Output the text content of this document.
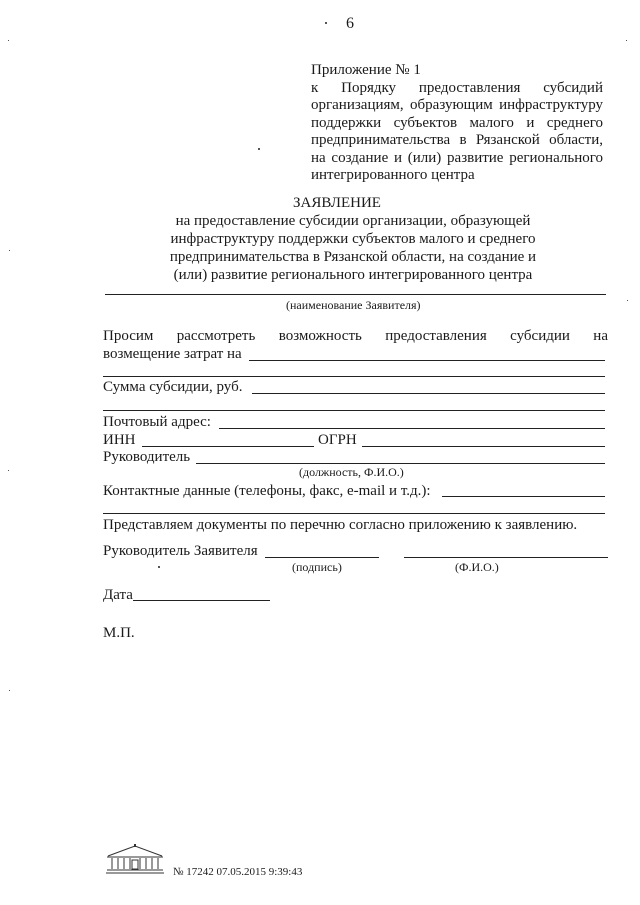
6
Приложение № 1
к Порядку предоставления субсидий
организациям, образующим инфраструктуру
поддержки субъектов малого и среднего
предпринимательства в Рязанской области,
на создание и (или) развитие регионального
интегрированного центра
ЗАЯВЛЕНИЕ
на предоставление субсидии организации, образующей
инфраструктуру поддержки субъектов малого и среднего
предпринимательства в Рязанской области, на создание и
(или) развитие регионального интегрированного центра
(наименование Заявителя)
Просим рассмотреть возможность предоставления субсидии на
возмещение затрат на
Сумма субсидии, руб.
Почтовый адрес:
ИНН	ОГРН
Руководитель
(должность, Ф.И.О.)
Контактные данные (телефоны, факс, e-mail и т.д.):
Представляем документы по перечню согласно приложению к заявлению.
Руководитель Заявителя
(подпись)	(Ф.И.О.)
Дата
М.П.
№ 17242 07.05.2015 9:39:43
